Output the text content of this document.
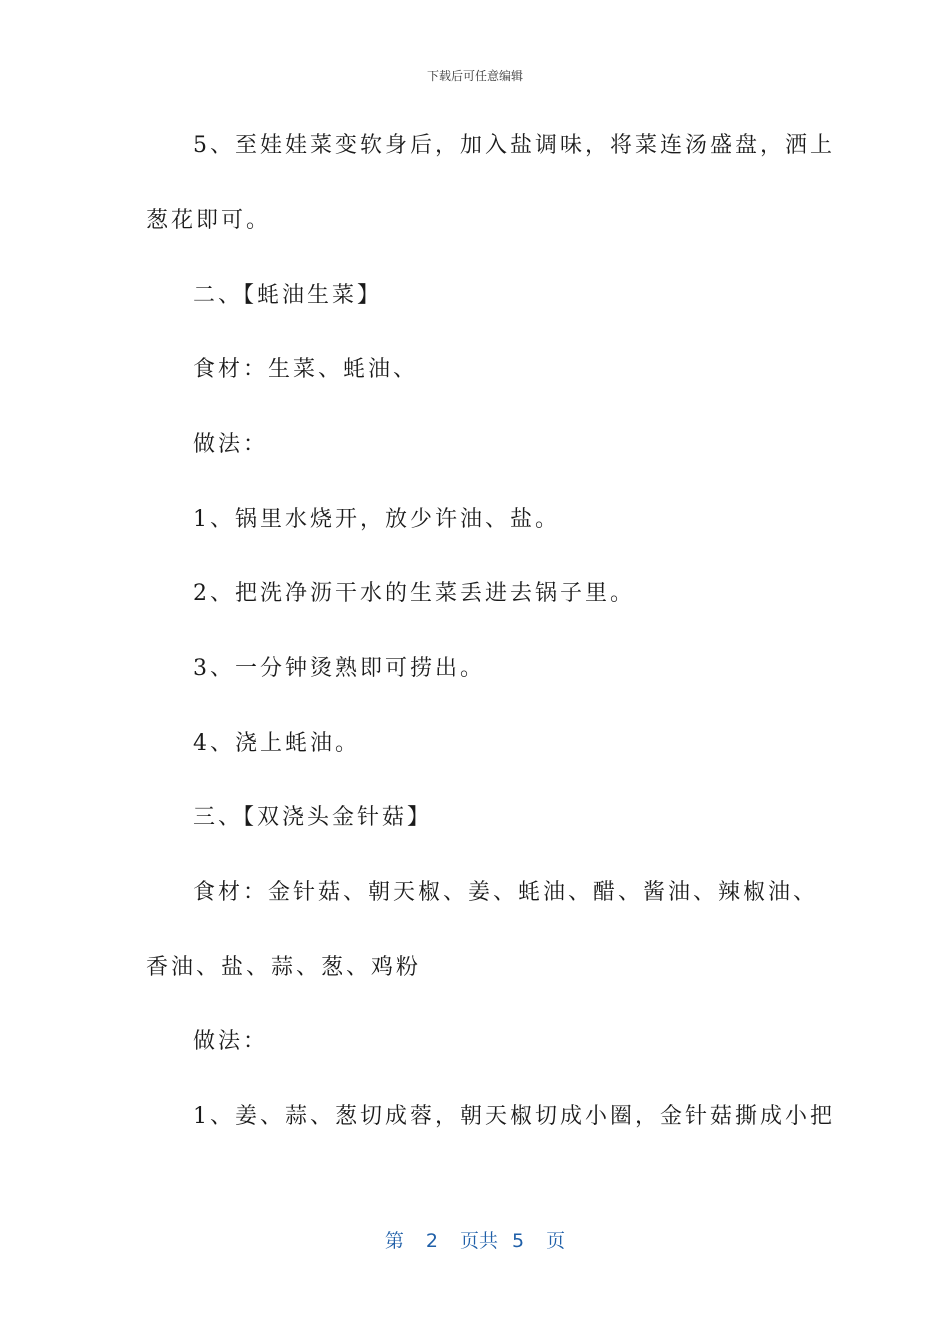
下载后可任意编辑
5、至娃娃菜变软身后，加入盐调味，将菜连汤盛盘，洒上
葱花即可。
二、【蚝油生菜】
食材：生菜、蚝油、
做法：
1、锅里水烧开，放少许油、盐。
2、把洗净沥干水的生菜丢进去锅子里。
3、一分钟烫熟即可捞出。
4、浇上蚝油。
三、【双浇头金针菇】
食材：金针菇、朝天椒、姜、蚝油、醋、酱油、辣椒油、
香油、盐、蒜、葱、鸡粉
做法：
1、姜、蒜、葱切成蓉，朝天椒切成小圈，金针菇撕成小把
第 2 页共 5 页
